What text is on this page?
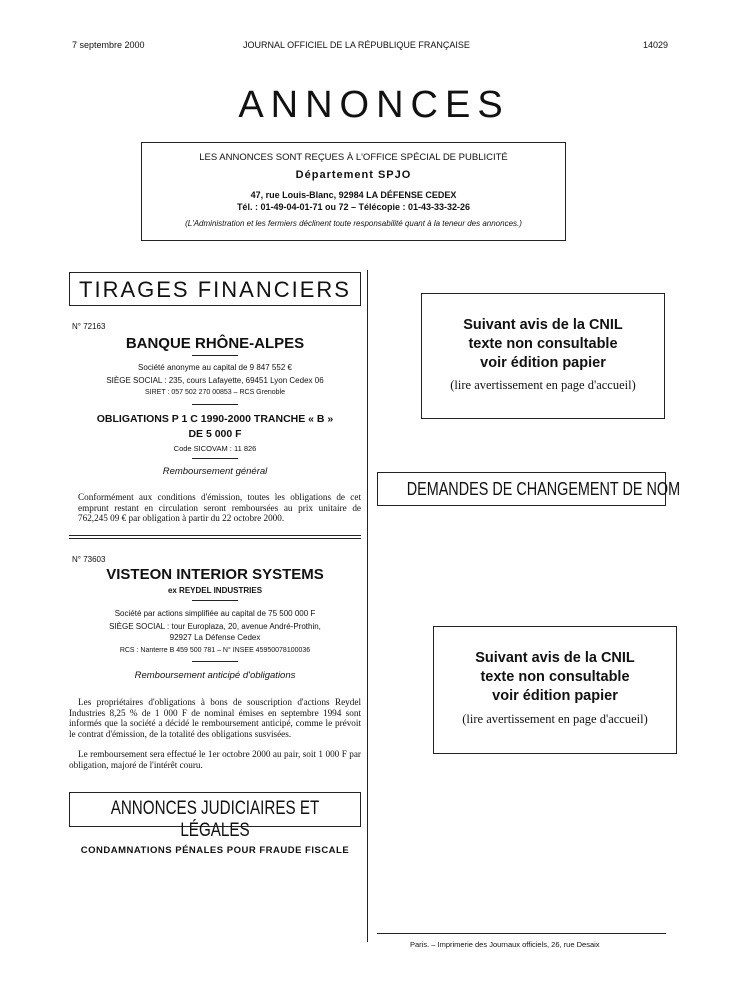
7 septembre 2000	JOURNAL OFFICIEL DE LA RÉPUBLIQUE FRANÇAISE	14029
ANNONCES
LES ANNONCES SONT REÇUES À L'OFFICE SPÉCIAL DE PUBLICITÉ
Département SPJO
47, rue Louis-Blanc, 92984 LA DÉFENSE CEDEX
Tél. : 01-49-04-01-71 ou 72 – Télécopie : 01-43-33-32-26
(L'Administration et les fermiers déclinent toute responsabilité quant à la teneur des annonces.)
TIRAGES FINANCIERS
N° 72163
BANQUE RHÔNE-ALPES
Société anonyme au capital de 9 847 552 €
SIÈGE SOCIAL : 235, cours Lafayette, 69451 Lyon Cedex 06
SIRET : 057 502 270 00853 – RCS Grenoble
OBLIGATIONS P 1 C 1990-2000 TRANCHE « B »
DE 5 000 F
Code SICOVAM : 11 826
Remboursement général
Conformément aux conditions d'émission, toutes les obligations de cet emprunt restant en circulation seront remboursées au prix unitaire de 762,245 09 € par obligation à partir du 22 octobre 2000.
N° 73603
VISTEON INTERIOR SYSTEMS
ex REYDEL INDUSTRIES
Société par actions simplifiée au capital de 75 500 000 F
SIÈGE SOCIAL : tour Europlaza, 20, avenue André-Prothin,
92927 La Défense Cedex
RCS : Nanterre B 459 500 781 – N° INSEE 45950078100036
Remboursement anticipé d'obligations
Les propriétaires d'obligations à bons de souscription d'actions Reydel Industries 8,25 % de 1 000 F de nominal émises en septembre 1994 sont informés que la société a décidé le remboursement anticipé, comme le prévoit le contrat d'émission, de la totalité des obligations susvisées.
Le remboursement sera effectué le 1er octobre 2000 au pair, soit 1 000 F par obligation, majoré de l'intérêt couru.
ANNONCES JUDICIAIRES ET LÉGALES
CONDAMNATIONS PÉNALES POUR FRAUDE FISCALE
Suivant avis de la CNIL
texte non consultable
voir édition papier
(lire avertissement en page d'accueil)
DEMANDES DE CHANGEMENT DE NOM
Suivant avis de la CNIL
texte non consultable
voir édition papier
(lire avertissement en page d'accueil)
Paris. – Imprimerie des Journaux officiels, 26, rue Desaix
